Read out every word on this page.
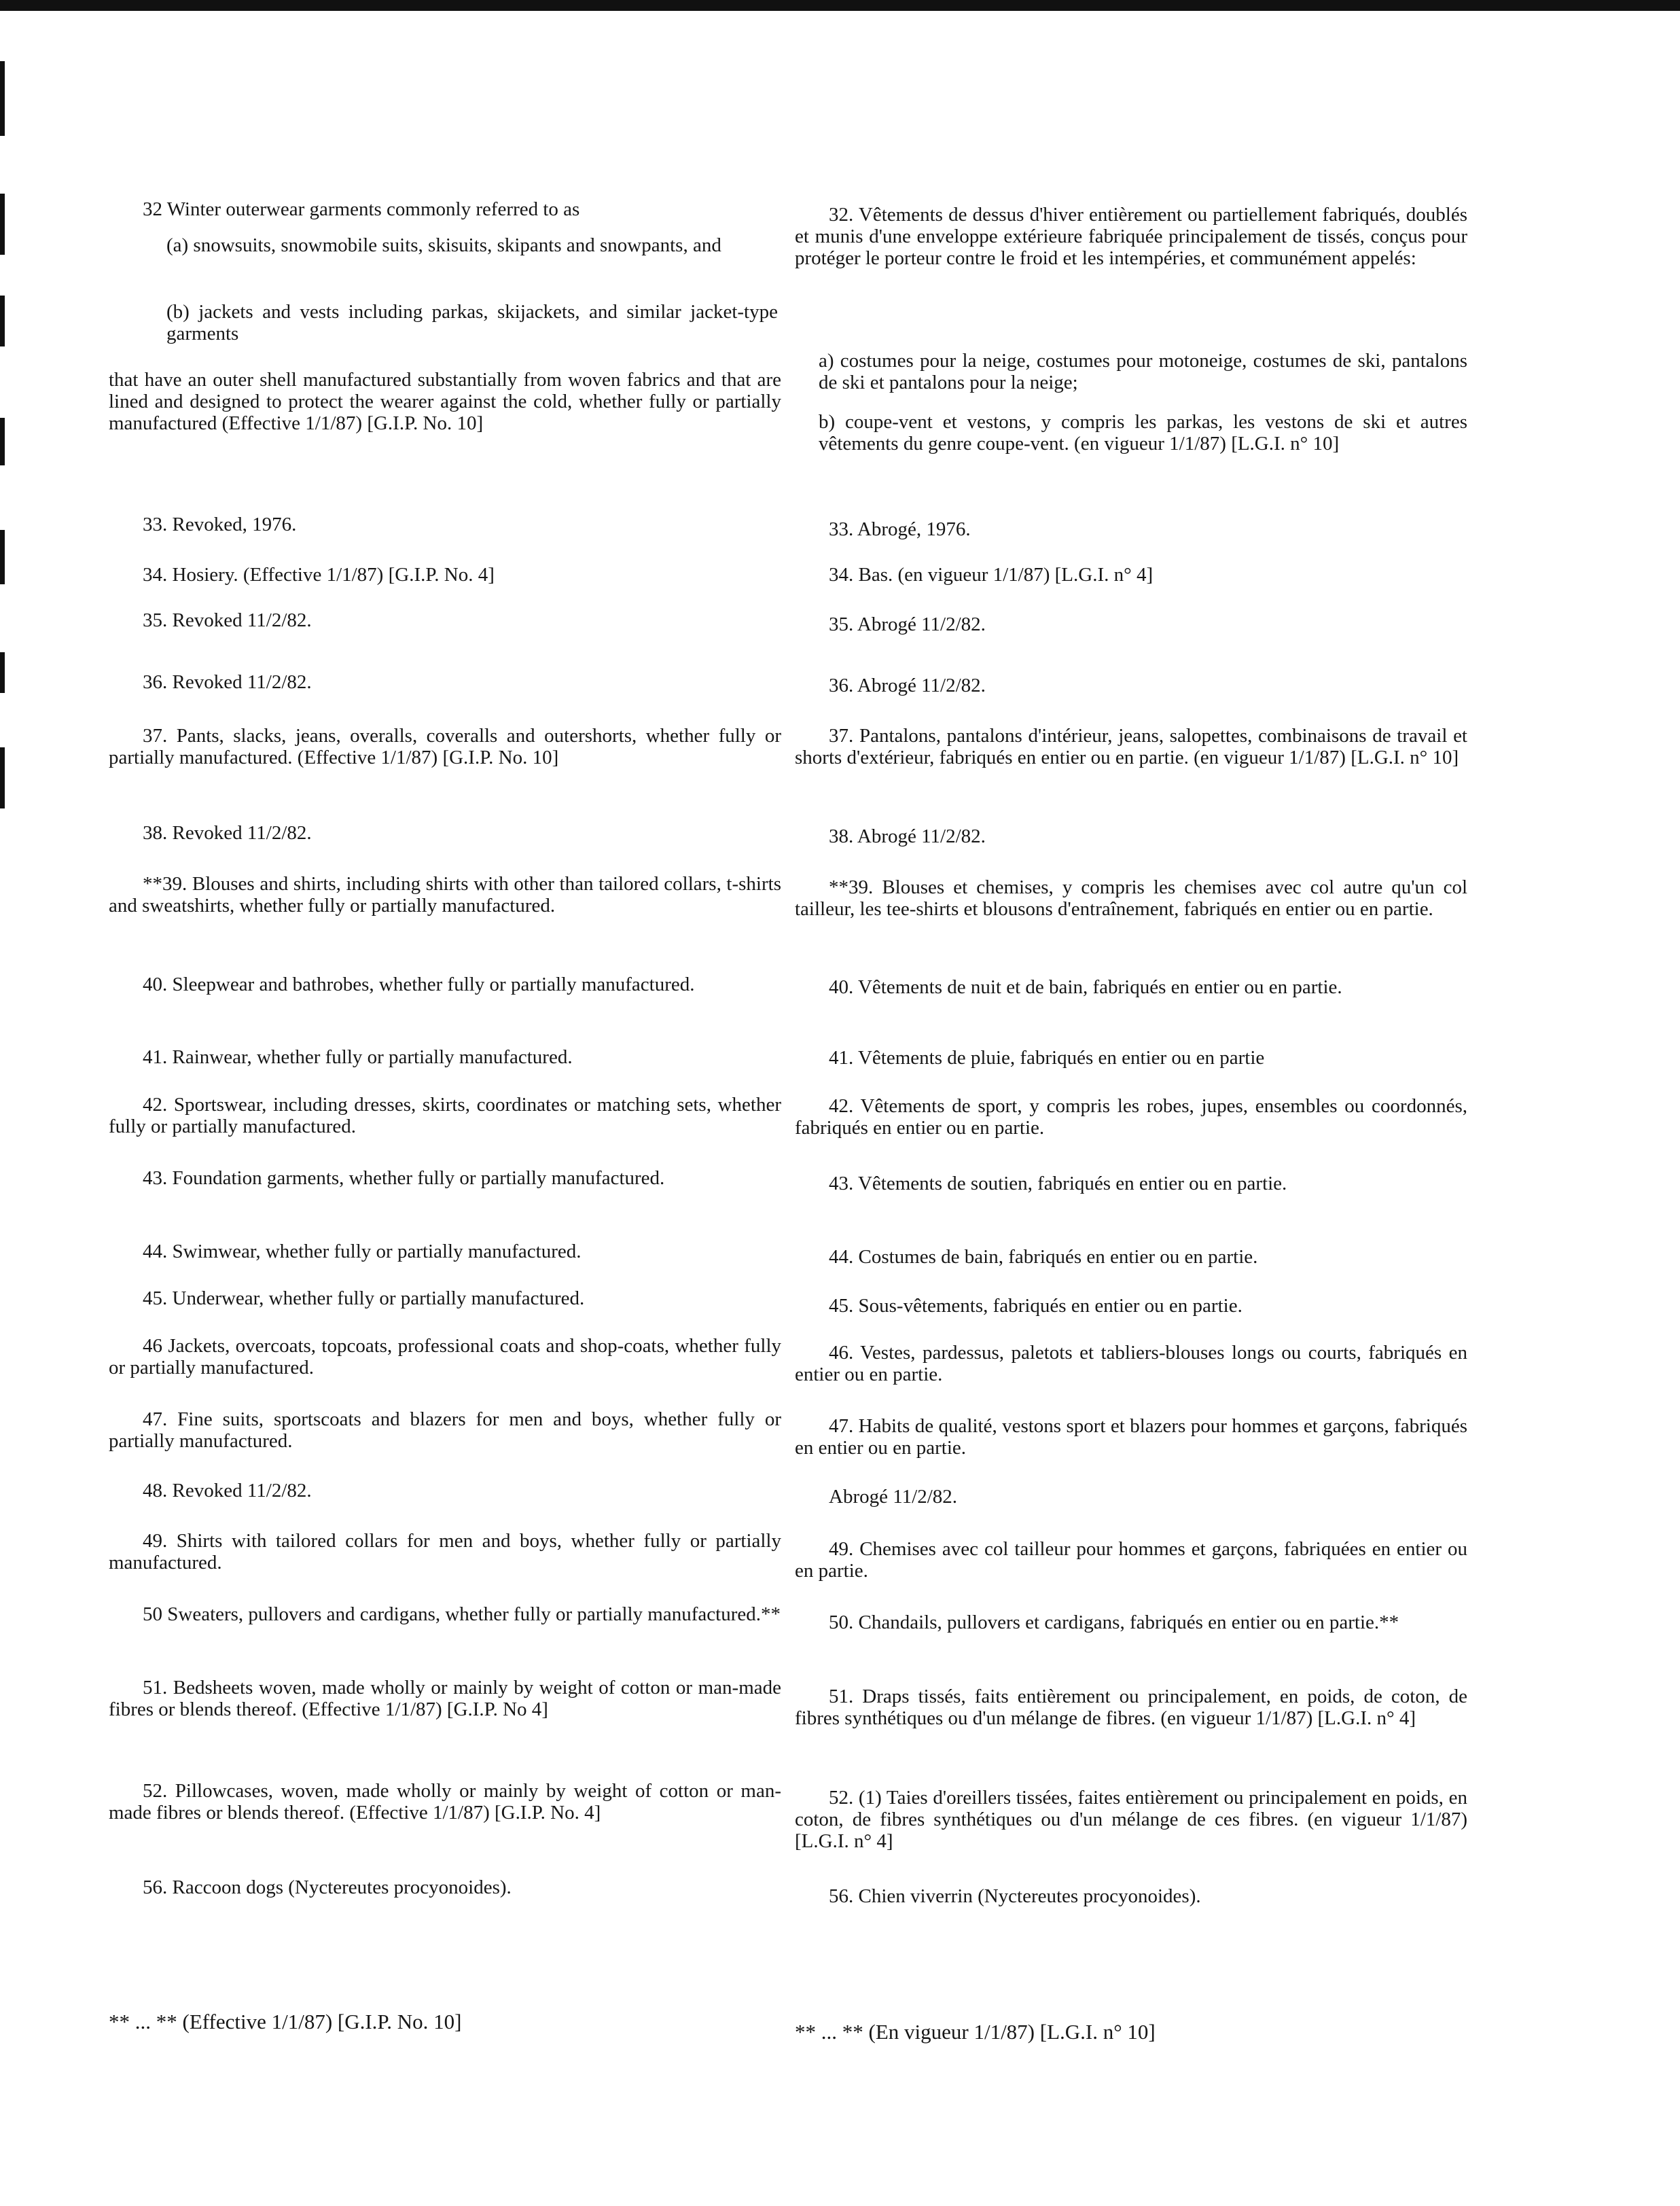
32 Winter outerwear garments commonly referred to as

(a) snowsuits, snowmobile suits, skisuits, skipants and snowpants, and

(b) jackets and vests including parkas, skijackets, and similar jacket-type garments

that have an outer shell manufactured substantially from woven fabrics and that are lined and designed to protect the wearer against the cold, whether fully or partially manufactured (Effective 1/1/87) [G.I.P. No. 10]

33. Revoked, 1976.

34. Hosiery. (Effective 1/1/87) [G.I.P. No. 4]

35. Revoked 11/2/82.

36. Revoked 11/2/82.

37. Pants, slacks, jeans, overalls, coveralls and outershorts, whether fully or partially manufactured. (Effective 1/1/87) [G.I.P. No. 10]

38. Revoked 11/2/82.

**39. Blouses and shirts, including shirts with other than tailored collars, t-shirts and sweatshirts, whether fully or partially manufactured.

40. Sleepwear and bathrobes, whether fully or partially manufactured.

41. Rainwear, whether fully or partially manufactured.

42. Sportswear, including dresses, skirts, coordinates or matching sets, whether fully or partially manufactured.

43. Foundation garments, whether fully or partially manufactured.

44. Swimwear, whether fully or partially manufactured.

45. Underwear, whether fully or partially manufactured.

46 Jackets, overcoats, topcoats, professional coats and shop-coats, whether fully or partially manufactured.

47. Fine suits, sportscoats and blazers for men and boys, whether fully or partially manufactured.

48. Revoked 11/2/82.

49. Shirts with tailored collars for men and boys, whether fully or partially manufactured.

50 Sweaters, pullovers and cardigans, whether fully or partially manufactured.**

51. Bedsheets woven, made wholly or mainly by weight of cotton or man-made fibres or blends thereof. (Effective 1/1/87) [G.I.P. No 4]

52. Pillowcases, woven, made wholly or mainly by weight of cotton or man-made fibres or blends thereof. (Effective 1/1/87) [G.I.P. No. 4]

56. Raccoon dogs (Nyctereutes procyonoides).

** ... ** (Effective 1/1/87) [G.I.P. No. 10]

32. Vêtements de dessus d'hiver entièrement ou partiellement fabriqués, doublés et munis d'une enveloppe extérieure fabriquée principalement de tissés, conçus pour protéger le porteur contre le froid et les intempéries, et communément appelés:

a) costumes pour la neige, costumes pour motoneige, costumes de ski, pantalons de ski et pantalons pour la neige;

b) coupe-vent et vestons, y compris les parkas, les vestons de ski et autres vêtements du genre coupe-vent. (en vigueur 1/1/87) [L.G.I. n° 10]

33. Abrogé, 1976.

34. Bas. (en vigueur 1/1/87) [L.G.I. n° 4]

35. Abrogé 11/2/82.

36. Abrogé 11/2/82.

37. Pantalons, pantalons d'intérieur, jeans, salopettes, combinaisons de travail et shorts d'extérieur, fabriqués en entier ou en partie. (en vigueur 1/1/87) [L.G.I. n° 10]

38. Abrogé 11/2/82.

**39. Blouses et chemises, y compris les chemises avec col autre qu'un col tailleur, les tee-shirts et blousons d'entraînement, fabriqués en entier ou en partie.

40. Vêtements de nuit et de bain, fabriqués en entier ou en partie.

41. Vêtements de pluie, fabriqués en entier ou en partie

42. Vêtements de sport, y compris les robes, jupes, ensembles ou coordonnés, fabriqués en entier ou en partie.

43. Vêtements de soutien, fabriqués en entier ou en partie.

44. Costumes de bain, fabriqués en entier ou en partie.

45. Sous-vêtements, fabriqués en entier ou en partie.

46. Vestes, pardessus, paletots et tabliers-blouses longs ou courts, fabriqués en entier ou en partie.

47. Habits de qualité, vestons sport et blazers pour hommes et garçons, fabriqués en entier ou en partie.

Abrogé 11/2/82.

49. Chemises avec col tailleur pour hommes et garçons, fabriquées en entier ou en partie.

50. Chandails, pullovers et cardigans, fabriqués en entier ou en partie.**

51. Draps tissés, faits entièrement ou principalement, en poids, de coton, de fibres synthétiques ou d'un mélange de fibres. (en vigueur 1/1/87) [L.G.I. n° 4]

52. (1) Taies d'oreillers tissées, faites entièrement ou principalement en poids, en coton, de fibres synthétiques ou d'un mélange de ces fibres. (en vigueur 1/1/87) [L.G.I. n° 4]

56. Chien viverrin (Nyctereutes procyonoides).

** ... ** (En vigueur 1/1/87) [L.G.I. n° 10]
